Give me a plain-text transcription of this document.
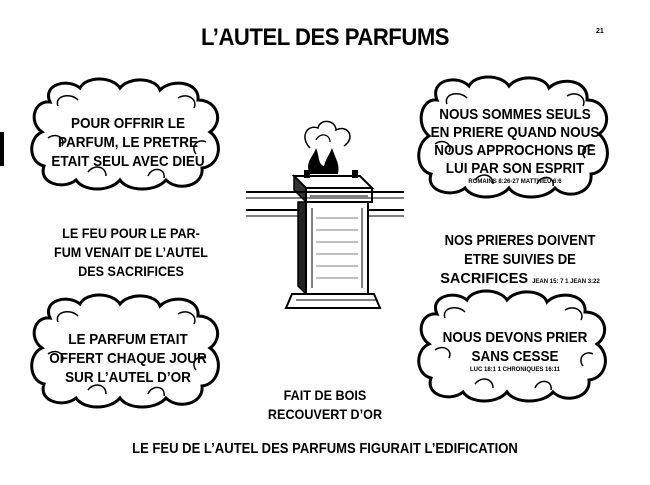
L’AUTEL DES PARFUMS	21
POUR OFFRIR LE
PARFUM, LE PRETRE
ETAIT SEUL AVEC DIEU
NOUS SOMMES SEULS
EN PRIERE QUAND NOUS
NOUS APPROCHONS DE
LUI PAR SON ESPRIT
ROMAINS 8:26-27 MATTHIEU 6:6
LE PARFUM ETAIT
OFFERT CHAQUE JOUR
SUR L’AUTEL D’OR
NOUS DEVONS PRIER
SANS CESSE
LUC 18:1 1 CHRONIQUES 16:11
LE FEU POUR LE PAR-
FUM VENAIT DE L’AUTEL
DES SACRIFICES
NOS PRIERES DOIVENT
ETRE SUIVIES DE
SACRIFICES JEAN 15: 7 1 JEAN 3:22
FAIT DE BOIS
RECOUVERT D’OR
LE FEU DE L’AUTEL DES PARFUMS FIGURAIT L’EDIFICATION
